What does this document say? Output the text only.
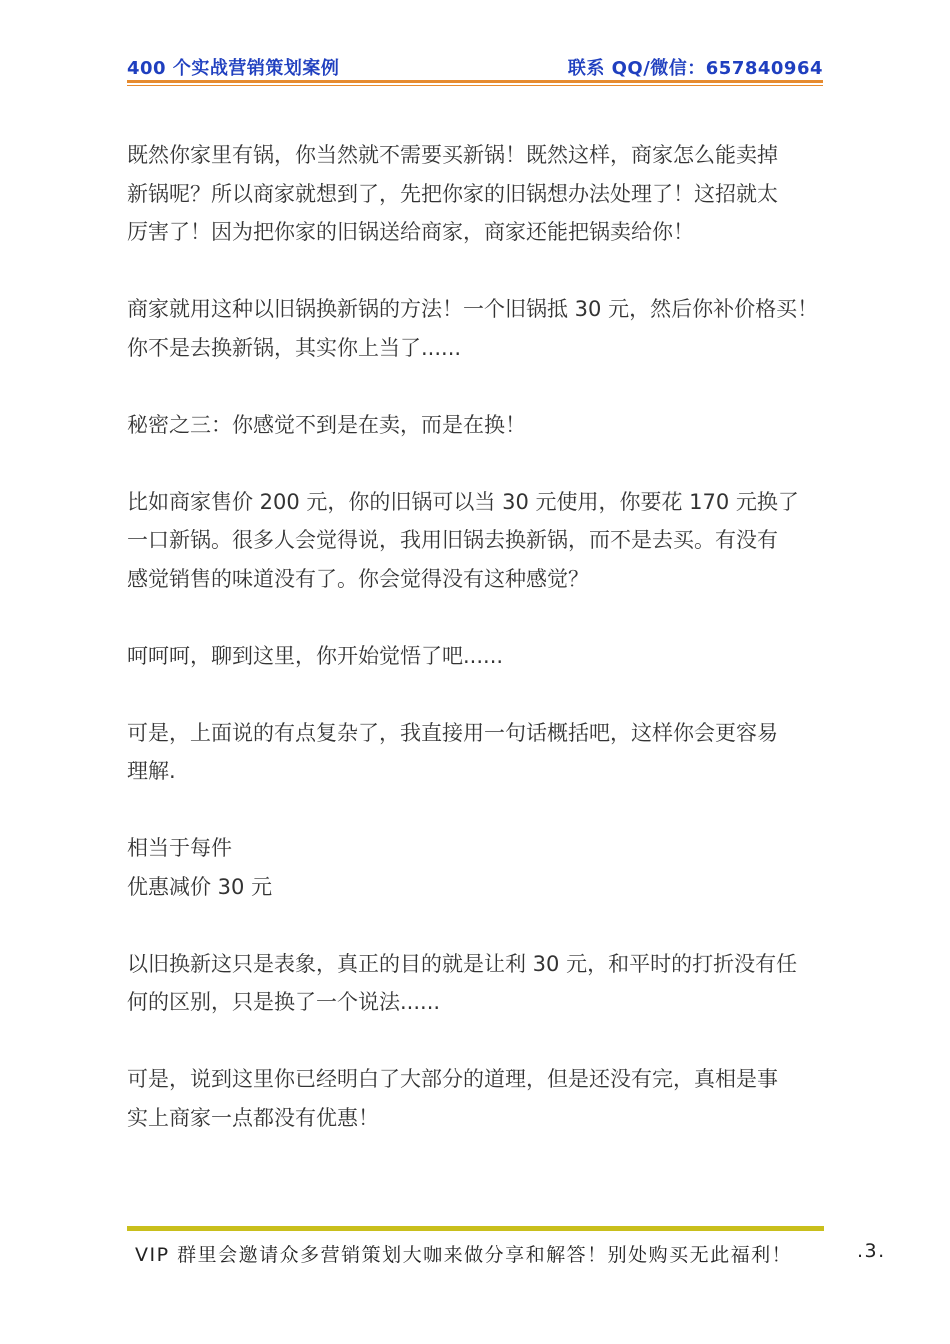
400 个实战营销策划案例	联系 QQ/微信：657840964

既然你家里有锅，你当然就不需要买新锅！既然这样，商家怎么能卖掉
新锅呢？所以商家就想到了，先把你家的旧锅想办法处理了！这招就太
厉害了！因为把你家的旧锅送给商家，商家还能把锅卖给你！

商家就用这种以旧锅换新锅的方法！一个旧锅抵 30 元，然后你补价格买！
你不是去换新锅，其实你上当了......

秘密之三：你感觉不到是在卖，而是在换！

比如商家售价 200 元，你的旧锅可以当 30 元使用，你要花 170 元换了
一口新锅。很多人会觉得说，我用旧锅去换新锅，而不是去买。有没有
感觉销售的味道没有了。你会觉得没有这种感觉？

呵呵呵，聊到这里，你开始觉悟了吧......

可是，上面说的有点复杂了，我直接用一句话概括吧，这样你会更容易
理解.

相当于每件
优惠减价 30 元

以旧换新这只是表象，真正的目的就是让利 30 元，和平时的打折没有任
何的区别，只是换了一个说法......

可是，说到这里你已经明白了大部分的道理，但是还没有完，真相是事
实上商家一点都没有优惠！

VIP 群里会邀请众多营销策划大咖来做分享和解答！别处购买无此福利！	.3.
